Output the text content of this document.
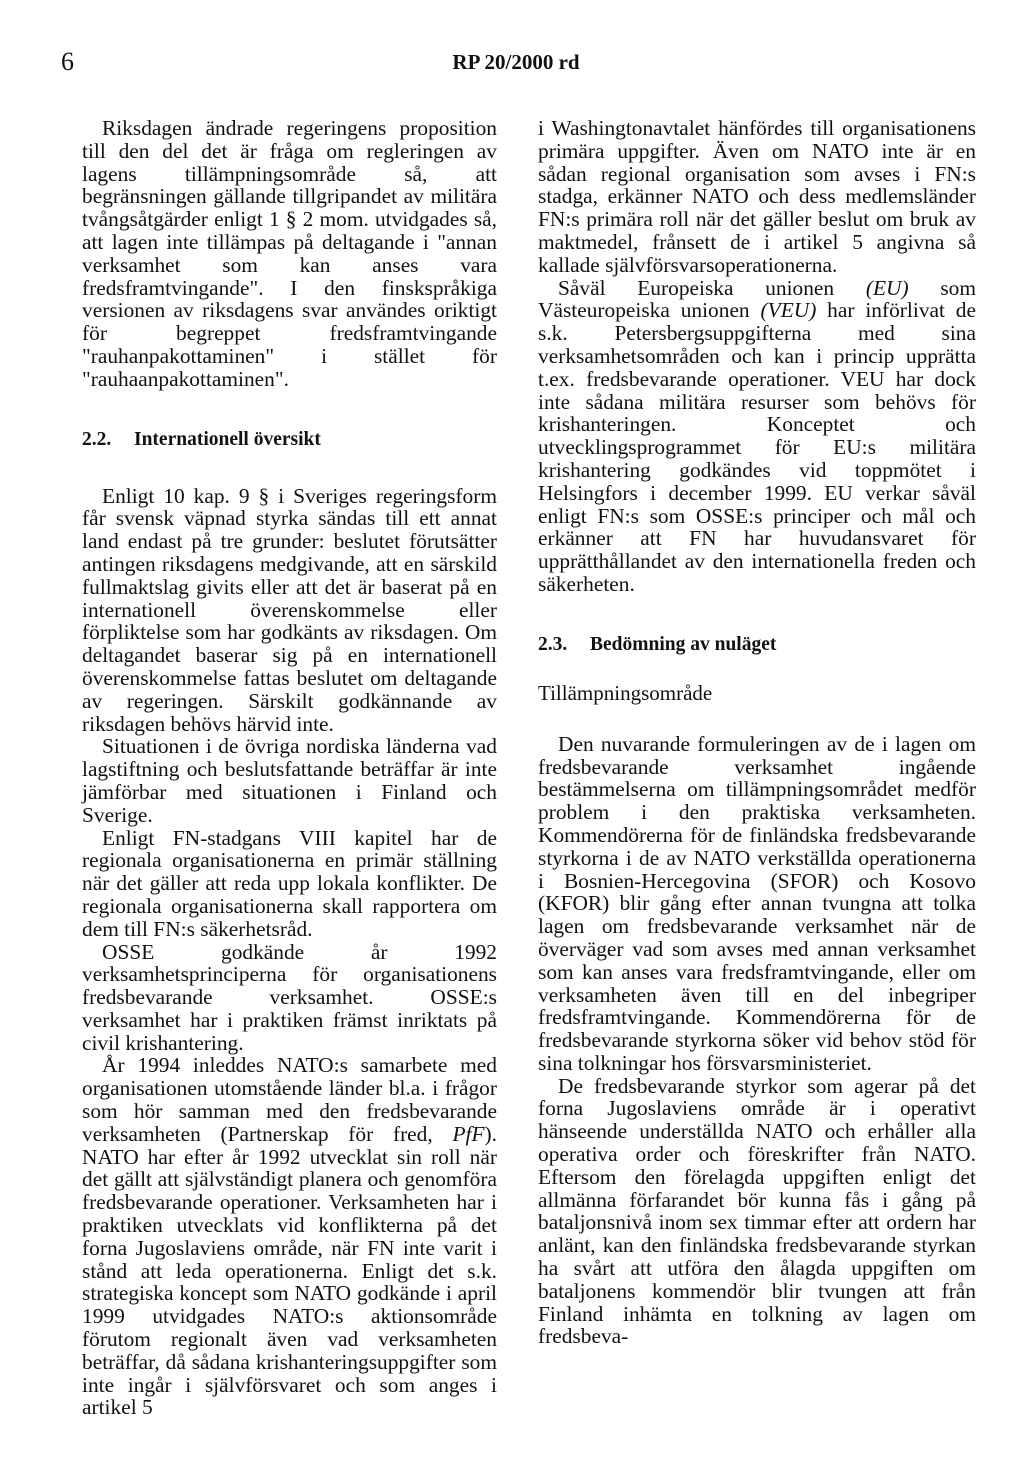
6	RP 20/2000 rd

Riksdagen ändrade regeringens proposition till den del det är fråga om regleringen av lagens tillämpningsområde så, att begränsningen gällande tillgripandet av militära tvångsåtgärder enligt 1 § 2 mom. utvidgades så, att lagen inte tillämpas på deltagande i "annan verksamhet som kan anses vara fredsframtvingande". I den finskspråkiga versionen av riksdagens svar användes oriktigt för begreppet fredsframtvingande "rauhanpakottaminen" i stället för "rauhaanpakottaminen".

2.2. Internationell översikt

Enligt 10 kap. 9 § i Sveriges regeringsform får svensk väpnad styrka sändas till ett annat land endast på tre grunder: beslutet förutsätter antingen riksdagens medgivande, att en särskild fullmaktslag givits eller att det är baserat på en internationell överenskommelse eller förpliktelse som har godkänts av riksdagen. Om deltagandet baserar sig på en internationell överenskommelse fattas beslutet om deltagande av regeringen. Särskilt godkännande av riksdagen behövs härvid inte.

Situationen i de övriga nordiska länderna vad lagstiftning och beslutsfattande beträffar är inte jämförbar med situationen i Finland och Sverige.

Enligt FN-stadgans VIII kapitel har de regionala organisationerna en primär ställning när det gäller att reda upp lokala konflikter. De regionala organisationerna skall rapportera om dem till FN:s säkerhetsråd.

OSSE godkände år 1992 verksamhetsprinciperna för organisationens fredsbevarande verksamhet. OSSE:s verksamhet har i praktiken främst inriktats på civil krishantering.

År 1994 inleddes NATO:s samarbete med organisationen utomstående länder bl.a. i frågor som hör samman med den fredsbevarande verksamheten (Partnerskap för fred, PfF). NATO har efter år 1992 utvecklat sin roll när det gällt att självständigt planera och genomföra fredsbevarande operationer. Verksamheten har i praktiken utvecklats vid konflikterna på det forna Jugoslaviens område, när FN inte varit i stånd att leda operationerna. Enligt det s.k. strategiska koncept som NATO godkände i april 1999 utvidgades NATO:s aktionsområde förutom regionalt även vad verksamheten beträffar, då sådana krishanteringsuppgifter som inte ingår i självförsvaret och som anges i artikel 5

i Washingtonavtalet hänfördes till organisationens primära uppgifter. Även om NATO inte är en sådan regional organisation som avses i FN:s stadga, erkänner NATO och dess medlemsländer FN:s primära roll när det gäller beslut om bruk av maktmedel, frånsett de i artikel 5 angivna så kallade självförsvarsoperationerna.

Såväl Europeiska unionen (EU) som Västeuropeiska unionen (VEU) har införlivat de s.k. Petersbergsuppgifterna med sina verksamhetsområden och kan i princip upprätta t.ex. fredsbevarande operationer. VEU har dock inte sådana militära resurser som behövs för krishanteringen. Konceptet och utvecklingsprogrammet för EU:s militära krishantering godkändes vid toppmötet i Helsingfors i december 1999. EU verkar såväl enligt FN:s som OSSE:s principer och mål och erkänner att FN har huvudansvaret för upprätthållandet av den internationella freden och säkerheten.

2.3. Bedömning av nuläget
Tillämpningsområde

Den nuvarande formuleringen av de i lagen om fredsbevarande verksamhet ingående bestämmelserna om tillämpningsområdet medför problem i den praktiska verksamheten. Kommendörerna för de finländska fredsbevarande styrkorna i de av NATO verkställda operationerna i Bosnien-Hercegovina (SFOR) och Kosovo (KFOR) blir gång efter annan tvungna att tolka lagen om fredsbevarande verksamhet när de överväger vad som avses med annan verksamhet som kan anses vara fredsframtvingande, eller om verksamheten även till en del inbegriper fredsframtvingande. Kommendörerna för de fredsbevarande styrkorna söker vid behov stöd för sina tolkningar hos försvarsministeriet.

De fredsbevarande styrkor som agerar på det forna Jugoslaviens område är i operativt hänseende underställda NATO och erhåller alla operativa order och föreskrifter från NATO. Eftersom den förelagda uppgiften enligt det allmänna förfarandet bör kunna fås i gång på bataljonsnivå inom sex timmar efter att ordern har anlänt, kan den finländska fredsbevarande styrkan ha svårt att utföra den ålagda uppgiften om bataljonens kommendör blir tvungen att från Finland inhämta en tolkning av lagen om fredsbeva-
